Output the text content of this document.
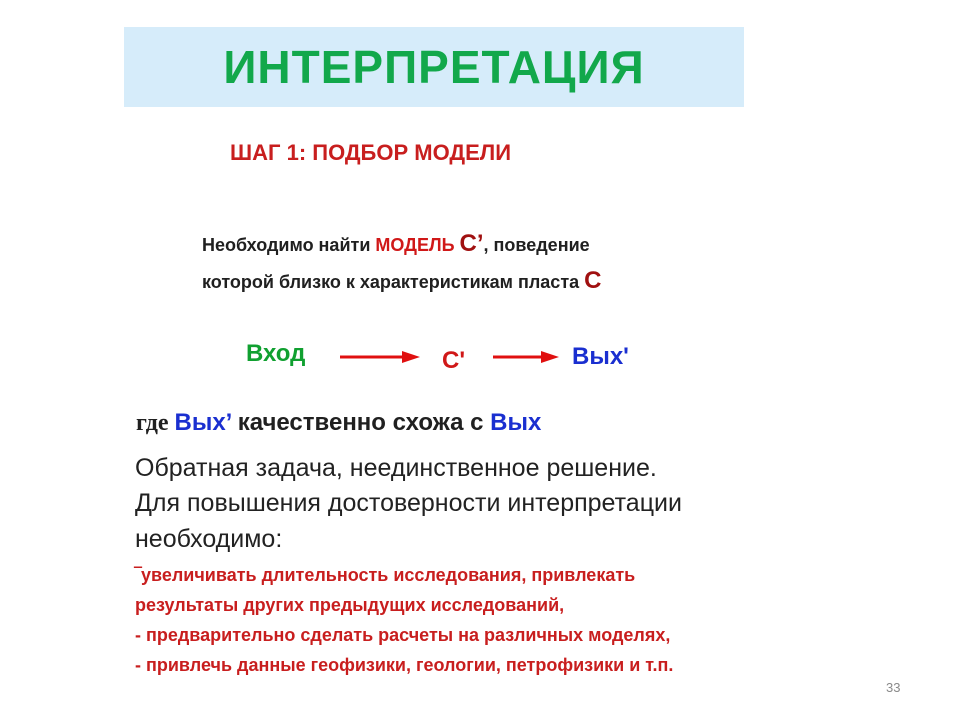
ИНТЕРПРЕТАЦИЯ
ШАГ 1: ПОДБОР МОДЕЛИ
Необходимо найти МОДЕЛЬ С’, поведение
которой близко к характеристикам пласта С
Вход	С'	Вых'
где Вых’ качественно схожа с Вых
Обратная задача, неединственное решение.
Для повышения достоверности интерпретации
необходимо:
‾увеличивать длительность исследования, привлекать
результаты других предыдущих исследований,
- предварительно сделать расчеты на различных моделях,
- привлечь данные геофизики, геологии, петрофизики и т.п.
33
